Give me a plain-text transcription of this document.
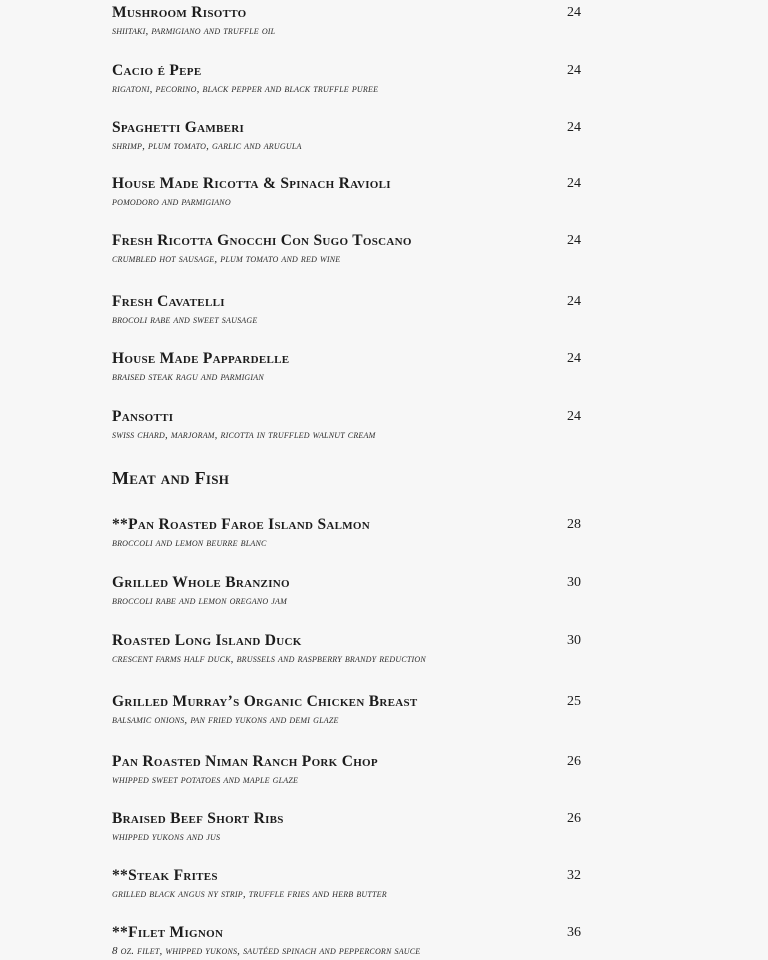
Mushroom Risotto
shiitaki, parmigiano and truffle oil
24
Cacio é Pepe
rigatoni, pecorino, black pepper and black truffle puree
24
Spaghetti Gamberi
shrimp, plum tomato, garlic and arugula
24
House Made Ricotta & Spinach Ravioli
pomodoro and parmigiano
24
Fresh Ricotta Gnocchi Con Sugo Toscano
crumbled hot sausage, plum tomato and red wine
24
Fresh Cavatelli
brocoli rabe and sweet sausage
24
House Made Pappardelle
braised steak ragu and parmigian
24
Pansotti
swiss chard, marjoram, ricotta in truffled walnut cream
24
Meat and Fish
**Pan Roasted Faroe Island Salmon
broccoli and lemon beurre blanc
28
Grilled Whole Branzino
broccoli rabe and lemon oregano jam
30
Roasted Long Island Duck
crescent farms half duck, brussels and raspberry brandy reduction
30
Grilled Murray’s Organic Chicken Breast
balsamic onions, pan fried yukons and demi glaze
25
Pan Roasted Niman Ranch Pork Chop
whipped sweet potatoes and maple glaze
26
Braised Beef Short Ribs
whipped yukons and jus
26
**Steak Frites
grilled black angus ny strip, truffle fries and herb butter
32
**Filet Mignon
8 oz. filet, whipped yukons, sautéed spinach and peppercorn sauce
36
